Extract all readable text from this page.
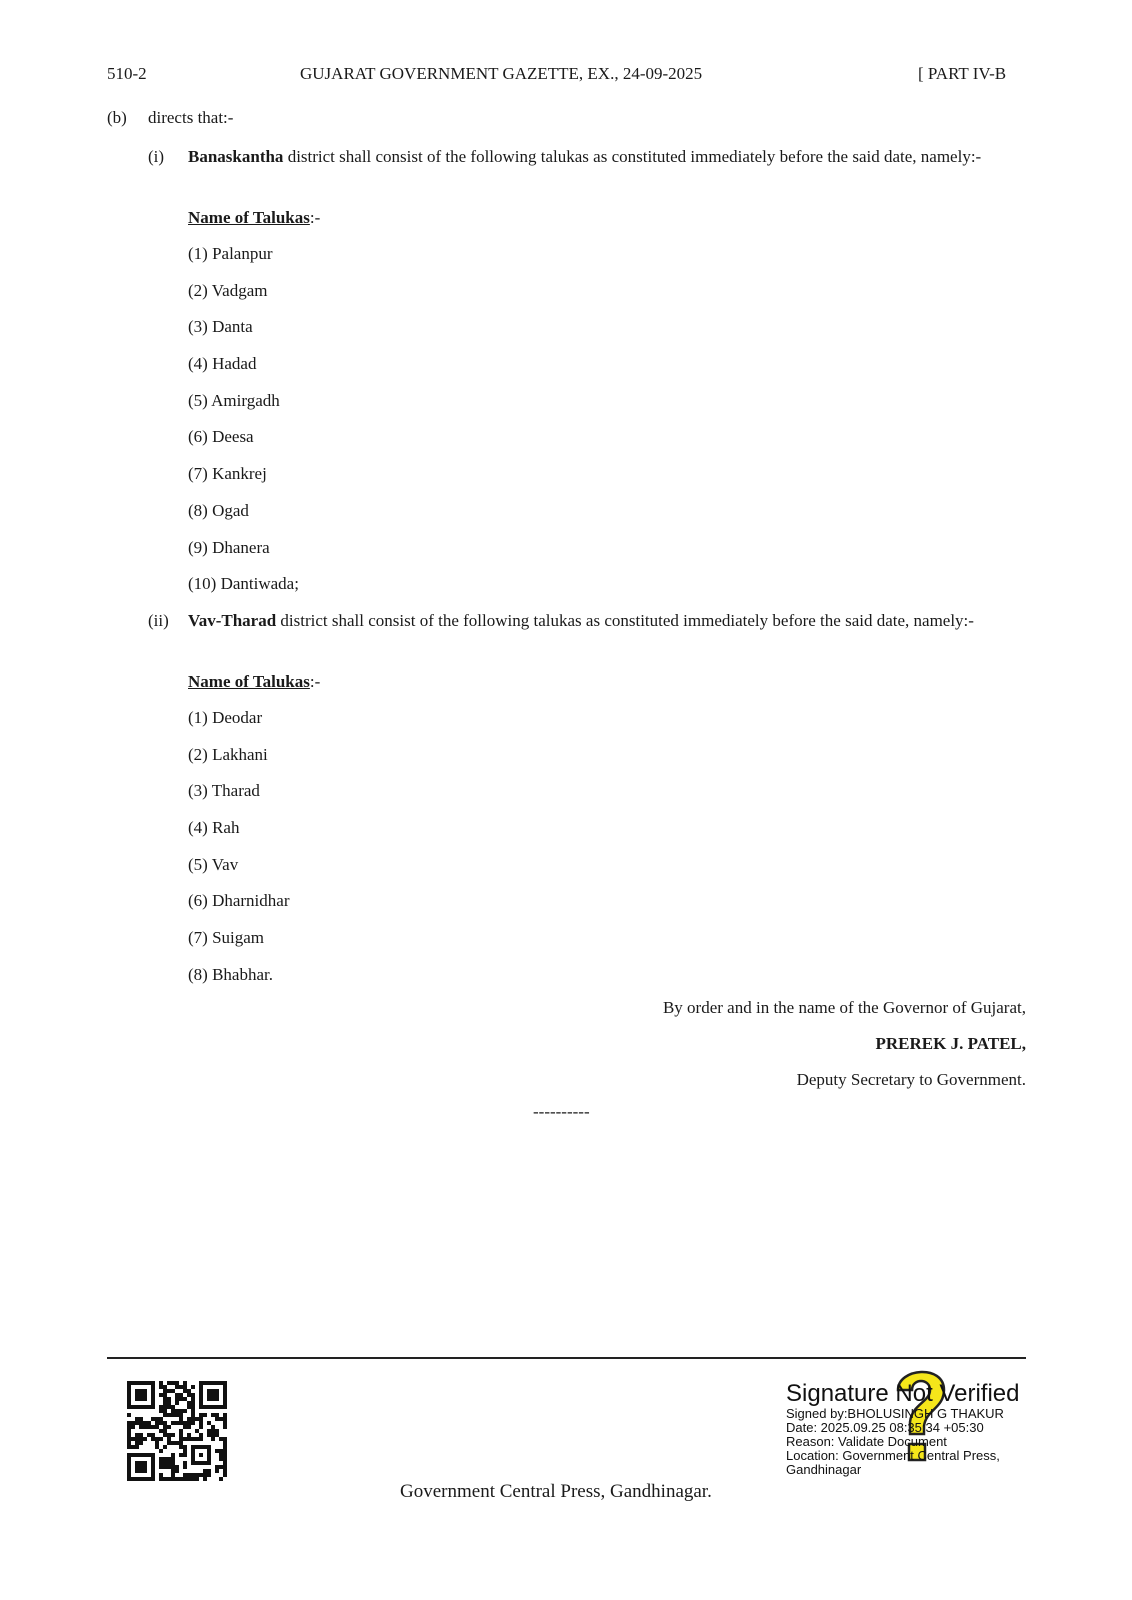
510-2	GUJARAT GOVERNMENT GAZETTE, EX., 24-09-2025	[ PART IV-B
(b) directs that:-
(i) Banaskantha district shall consist of the following talukas as constituted immediately before the said date, namely:-
Name of Talukas:-
(1) Palanpur
(2) Vadgam
(3) Danta
(4) Hadad
(5) Amirgadh
(6) Deesa
(7) Kankrej
(8) Ogad
(9) Dhanera
(10) Dantiwada;
(ii) Vav-Tharad district shall consist of the following talukas as constituted immediately before the said date, namely:-
Name of Talukas:-
(1) Deodar
(2) Lakhani
(3) Tharad
(4) Rah
(5) Vav
(6) Dharnidhar
(7) Suigam
(8) Bhabhar.
By order and in the name of the Governor of Gujarat,
PREREK J. PATEL,
Deputy Secretary to Government.
----------
Government Central Press, Gandhinagar.
Signature Not Verified
Signed by:BHOLUSINGH G THAKUR
Date: 2025.09.25 08:35:34 +05:30
Reason: Validate Document
Location: Government Central Press,
Gandhinagar
